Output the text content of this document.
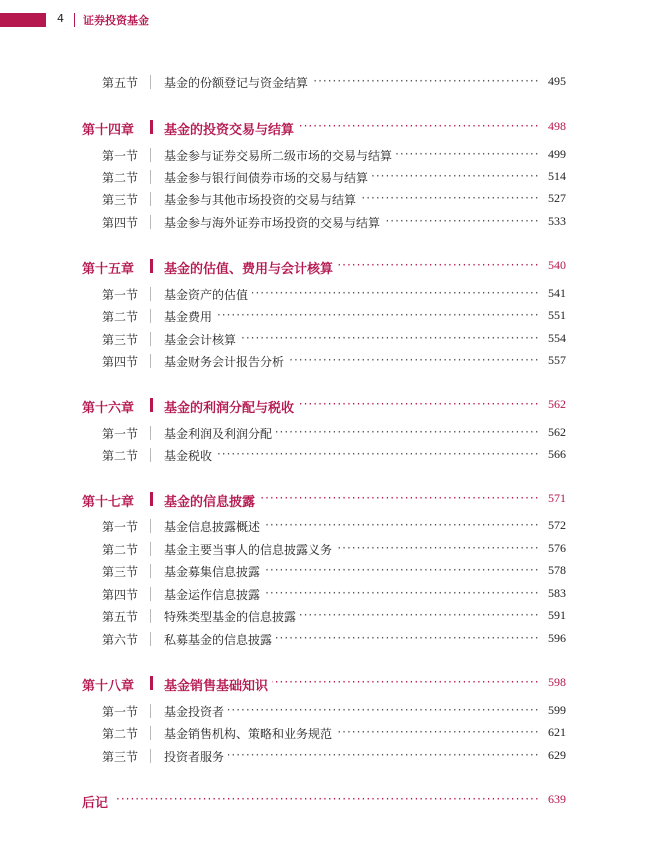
4 证券投资基金
第五节 基金的份额登记与资金结算 ·····	495
第十四章 基金的投资交易与结算 ·····	498
第一节 基金参与证券交易所二级市场的交易与结算 ·····	499
第二节 基金参与银行间债券市场的交易与结算 ·····	514
第三节 基金参与其他市场投资的交易与结算 ·····	527
第四节 基金参与海外证券市场投资的交易与结算 ·····	533
第十五章 基金的估值、费用与会计核算 ·····	540
第一节 基金资产的估值 ·····	541
第二节 基金费用 ·····	551
第三节 基金会计核算 ·····	554
第四节 基金财务会计报告分析 ·····	557
第十六章 基金的利润分配与税收 ·····	562
第一节 基金利润及利润分配 ·····	562
第二节 基金税收 ·····	566
第十七章 基金的信息披露 ·····	571
第一节 基金信息披露概述 ·····	572
第二节 基金主要当事人的信息披露义务 ·····	576
第三节 基金募集信息披露 ·····	578
第四节 基金运作信息披露 ·····	583
第五节 特殊类型基金的信息披露 ·····	591
第六节 私募基金的信息披露 ·····	596
第十八章 基金销售基础知识 ·····	598
第一节 基金投资者 ·····	599
第二节 基金销售机构、策略和业务规范 ·····	621
第三节 投资者服务 ·····	629
后记 ·····	639
